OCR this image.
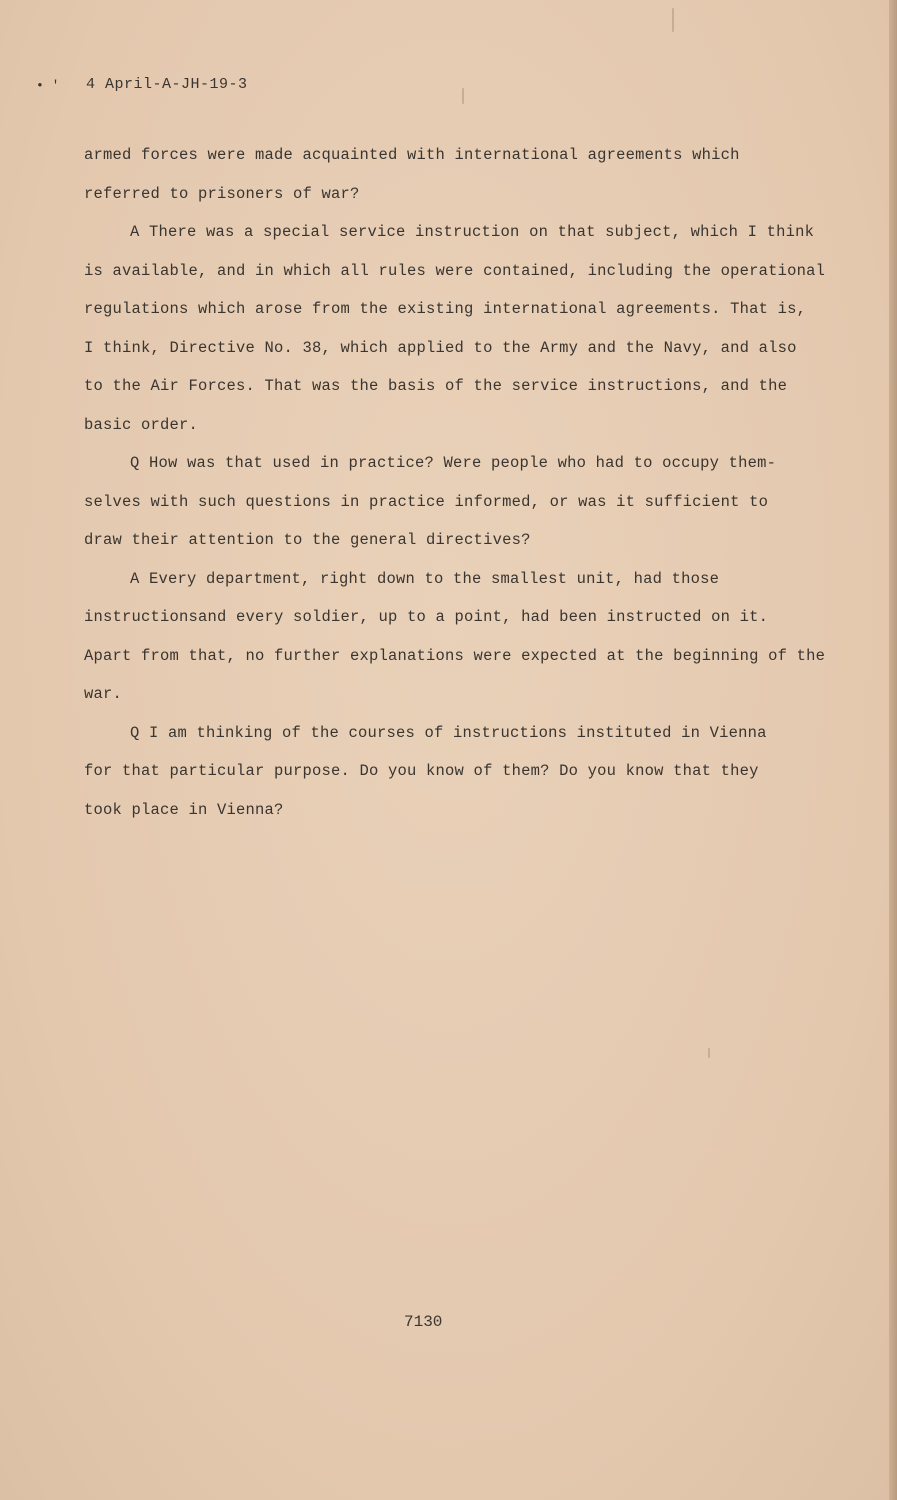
• ' 4 April-A-JH-19-3
armed forces were made acquainted with international agreements which
referred to prisoners of war?
A There was a special service instruction on that subject, which I think
is available, and in which all rules were contained, including the operational
regulations which arose from the existing international agreements. That is,
I think, Directive No. 38, which applied to the Army and the Navy, and also
to the Air Forces. That was the basis of the service instructions, and the
basic order.
Q How was that used in practice? Were people who had to occupy them-
selves with such questions in practice informed, or was it sufficient to
draw their attention to the general directives?
A Every department, right down to the smallest unit, had those
instructionsand every soldier, up to a point, had been instructed on it.
Apart from that, no further explanations were expected at the beginning of the
war.
Q I am thinking of the courses of instructions instituted in Vienna
for that particular purpose. Do you know of them? Do you know that they
took place in Vienna?
7130
